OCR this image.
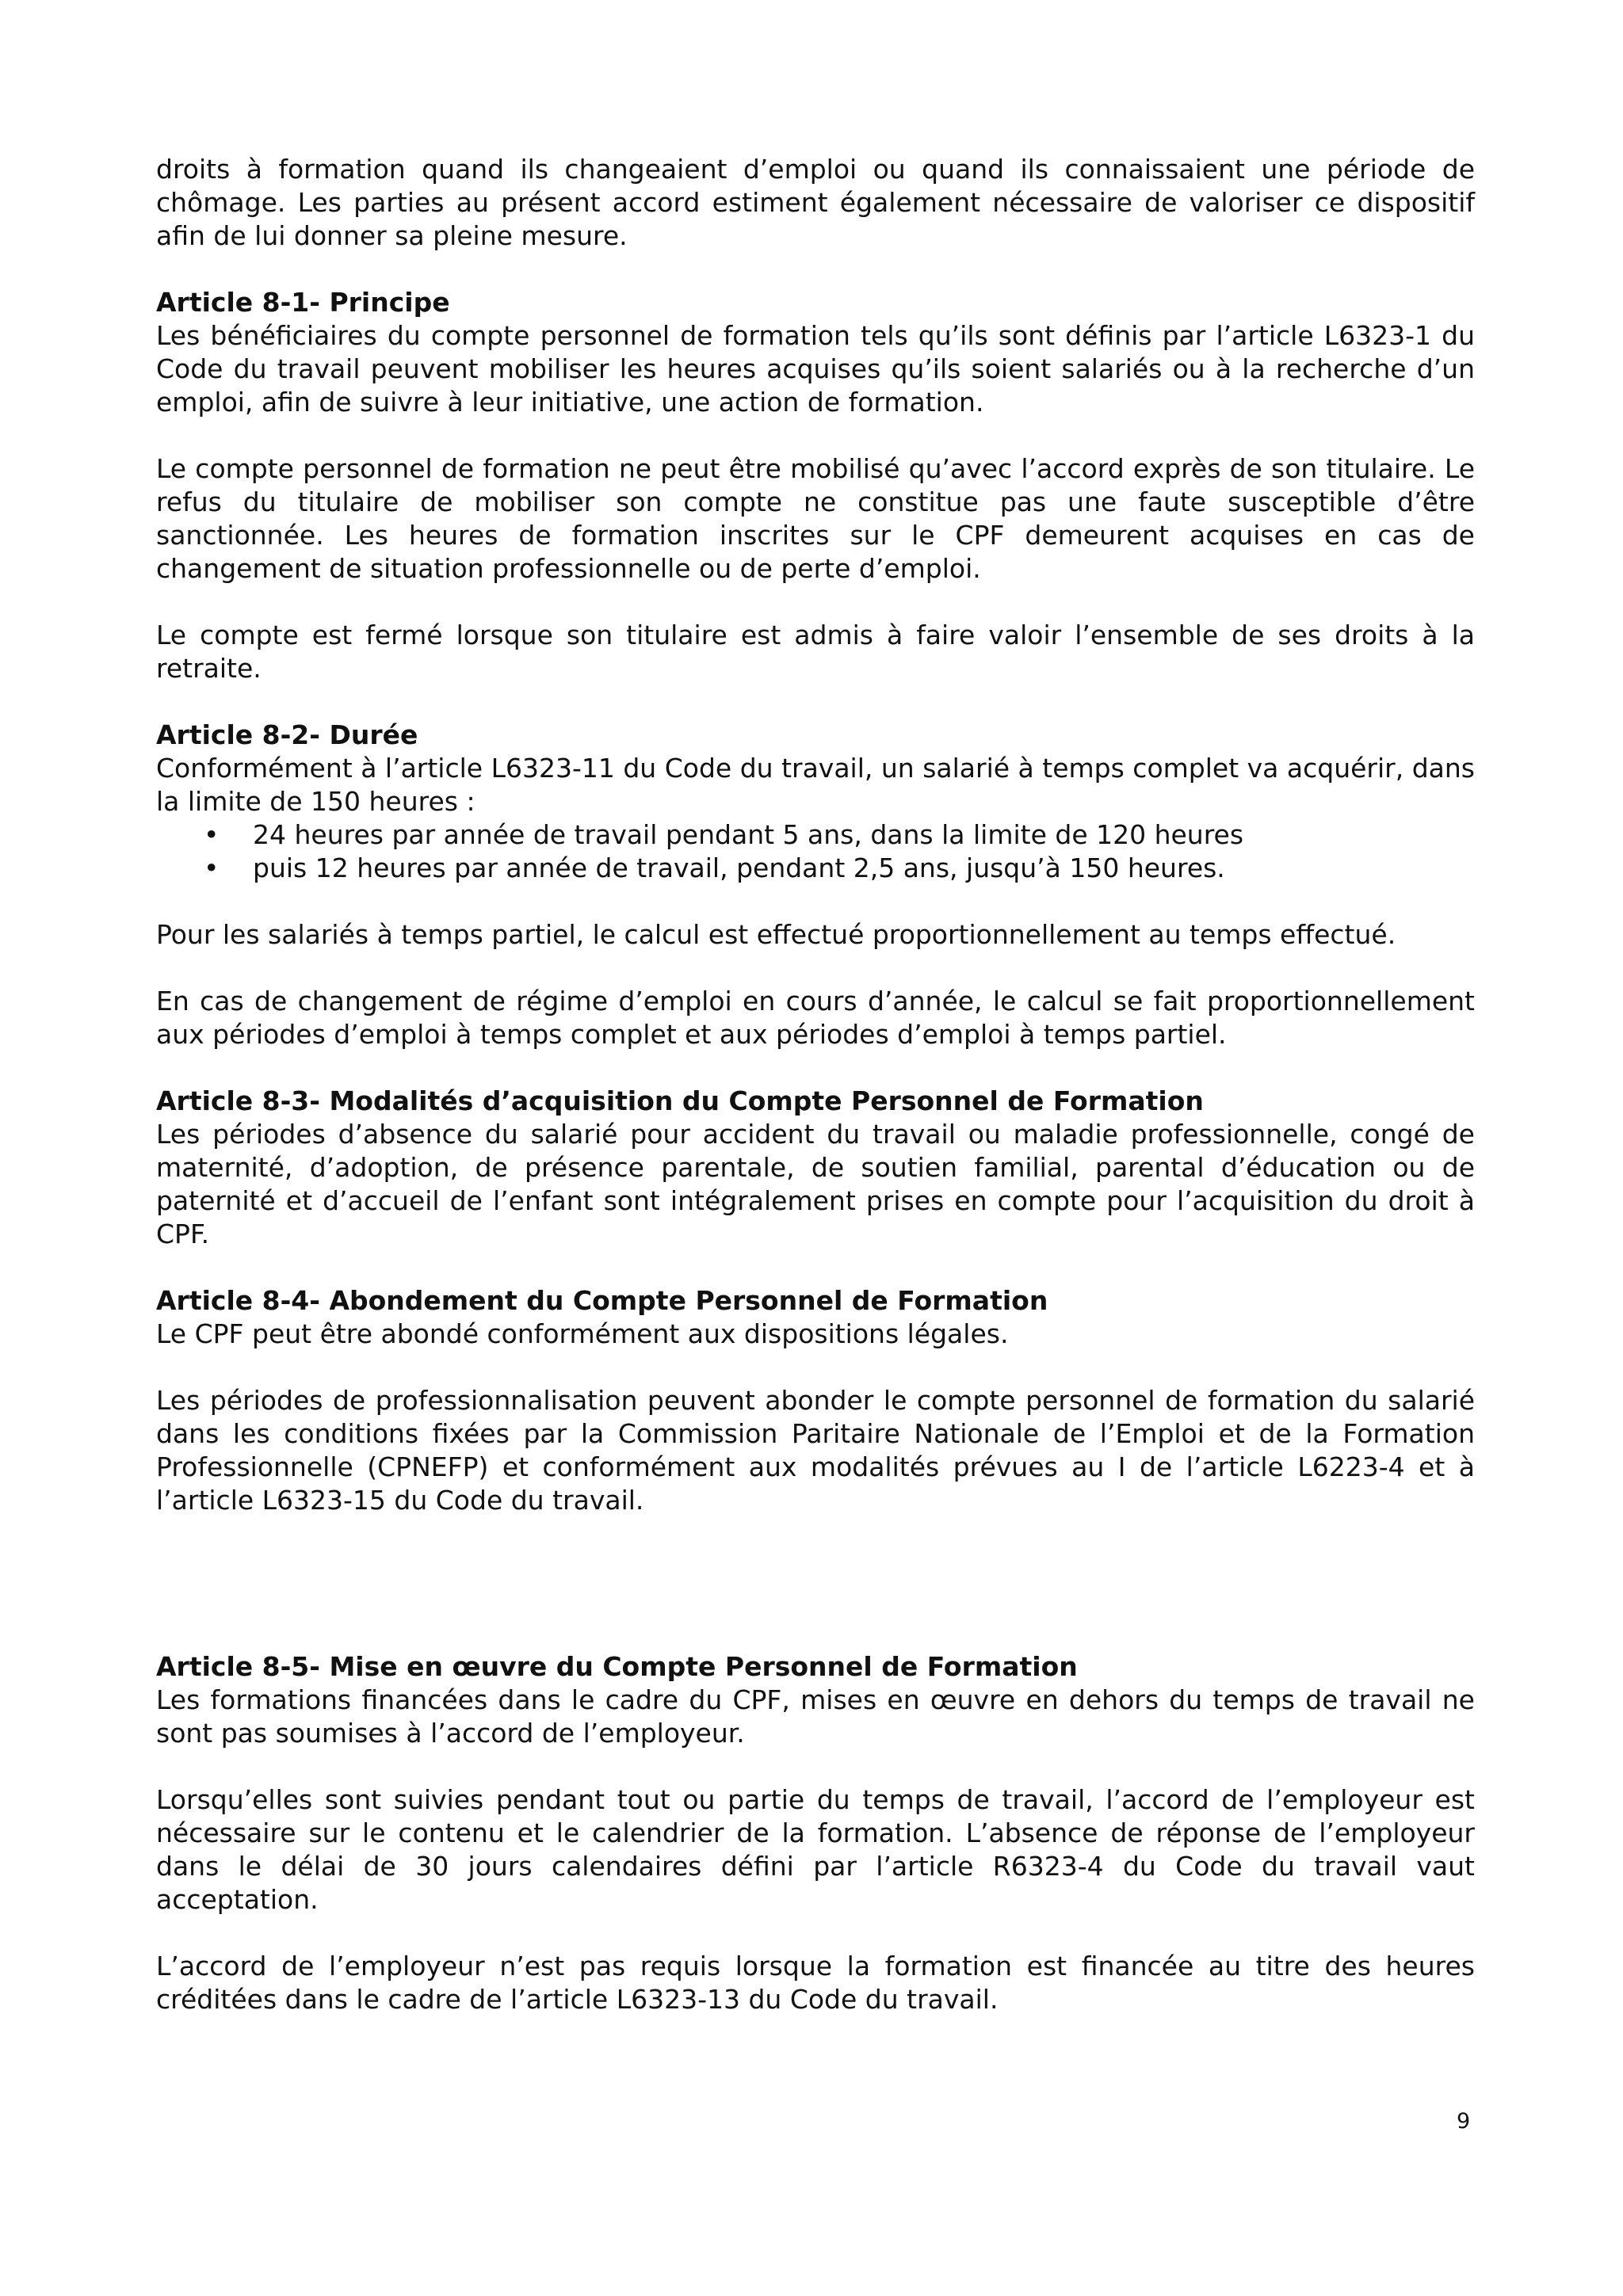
droits à formation quand ils changeaient d’emploi ou quand ils connaissaient une période de chômage. Les parties au présent accord estiment également nécessaire de valoriser ce dispositif afin de lui donner sa pleine mesure.

Article 8-1- Principe

Les bénéficiaires du compte personnel de formation tels qu’ils sont définis par l’article L6323-1 du Code du travail peuvent mobiliser les heures acquises qu’ils soient salariés ou à la recherche d’un emploi, afin de suivre à leur initiative, une action de formation.

Le compte personnel de formation ne peut être mobilisé qu’avec l’accord exprès de son titulaire. Le refus du titulaire de mobiliser son compte ne constitue pas une faute susceptible d’être sanctionnée. Les heures de formation inscrites sur le CPF demeurent acquises en cas de changement de situation professionnelle ou de perte d’emploi.

Le compte est fermé lorsque son titulaire est admis à faire valoir l’ensemble de ses droits à la retraite.

Article 8-2- Durée

Conformément à l’article L6323-11 du Code du travail, un salarié à temps complet va acquérir, dans la limite de 150 heures :

• 24 heures par année de travail pendant 5 ans, dans la limite de 120 heures
• puis 12 heures par année de travail, pendant 2,5 ans, jusqu’à 150 heures.

Pour les salariés à temps partiel, le calcul est effectué proportionnellement au temps effectué.

En cas de changement de régime d’emploi en cours d’année, le calcul se fait proportionnellement aux périodes d’emploi à temps complet et aux périodes d’emploi à temps partiel.

Article 8-3- Modalités d’acquisition du Compte Personnel de Formation

Les périodes d’absence du salarié pour accident du travail ou maladie professionnelle, congé de maternité, d’adoption, de présence parentale, de soutien familial, parental d’éducation ou de paternité et d’accueil de l’enfant sont intégralement prises en compte pour l’acquisition du droit à CPF.

Article 8-4- Abondement du Compte Personnel de Formation

Le CPF peut être abondé conformément aux dispositions légales.

Les périodes de professionnalisation peuvent abonder le compte personnel de formation du salarié dans les conditions fixées par la Commission Paritaire Nationale de l’Emploi et de la Formation Professionnelle (CPNEFP) et conformément aux modalités prévues au I de l’article L6223-4 et à l’article L6323-15 du Code du travail.

Article 8-5- Mise en œuvre du Compte Personnel de Formation

Les formations financées dans le cadre du CPF, mises en œuvre en dehors du temps de travail ne sont pas soumises à l’accord de l’employeur.

Lorsqu’elles sont suivies pendant tout ou partie du temps de travail, l’accord de l’employeur est nécessaire sur le contenu et le calendrier de la formation. L’absence de réponse de l’employeur dans le délai de 30 jours calendaires défini par l’article R6323-4 du Code du travail vaut acceptation.

L’accord de l’employeur n’est pas requis lorsque la formation est financée au titre des heures créditées dans le cadre de l’article L6323-13 du Code du travail.

9
